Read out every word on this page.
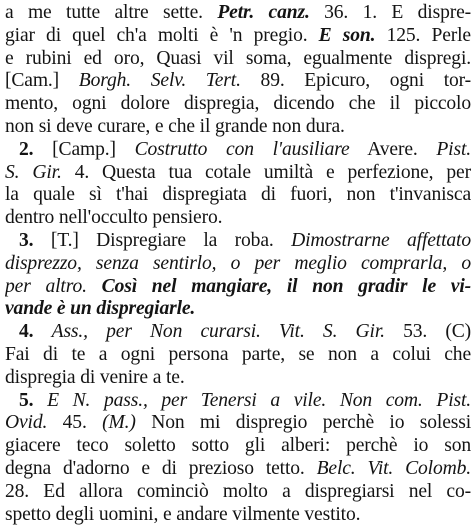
a me tutte altre sette. Petr. canz. 36. 1. E dispre-
giar di quel ch'a molti è 'n pregio. E son. 125. Perle
e rubini ed oro, Quasi vil soma, egualmente dispregi.
[Cam.] Borgh. Selv. Tert. 89. Epicuro, ogni tor-
mento, ogni dolore dispregia, dicendo che il piccolo
non si deve curare, e che il grande non dura.
2. [Camp.] Costrutto con l'ausiliare Avere. Pist.
S. Gir. 4. Questa tua cotale umiltà e perfezione, per
la quale sì t'hai dispregiata di fuori, non t'invanisca
dentro nell'occulto pensiero.
3. [T.] Dispregiare la roba. Dimostrarne affettato
disprezzo, senza sentirlo, o per meglio comprarla, o
per altro. Così nel mangiare, il non gradir le vi-
vande è un dispregiarle.
4. Ass., per Non curarsi. Vit. S. Gir. 53. (C)
Fai di te a ogni persona parte, se non a colui che
dispregia di venire a te.
5. E N. pass., per Tenersi a vile. Non com. Pist.
Ovid. 45. (M.) Non mi dispregio perchè io solessi
giacere teco soletto sotto gli alberi: perchè io son
degna d'adorno e di prezioso tetto. Belc. Vit. Colomb.
28. Ed allora cominciò molto a dispregiarsi nel co-
spetto degli uomini, e andare vilmente vestito.
